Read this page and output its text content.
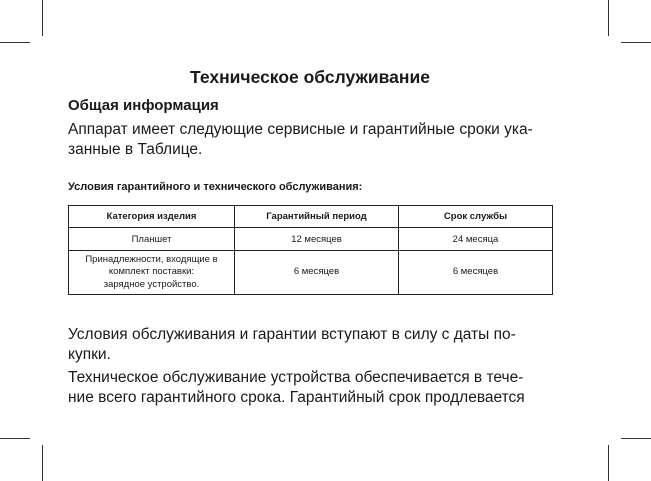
Техническое обслуживание
Общая информация

Аппарат имеет следующие сервисные и гарантийные сроки ука-
занные в Таблице.

Условия гарантийного и технического обслуживания:
Категория изделия	Гарантийный период	Срок службы
Планшет	12 месяцев	24 месяца

Принадлежности, входящие в
комплект поставки:
зарядное устройство.	6 месяцев	6 месяцев

Условия обслуживания и гарантии вступают в силу с даты по-
купки.

Техническое обслуживание устройства обеспечивается в тече-
ние всего гарантийного срока. Гарантийный срок продлевается
